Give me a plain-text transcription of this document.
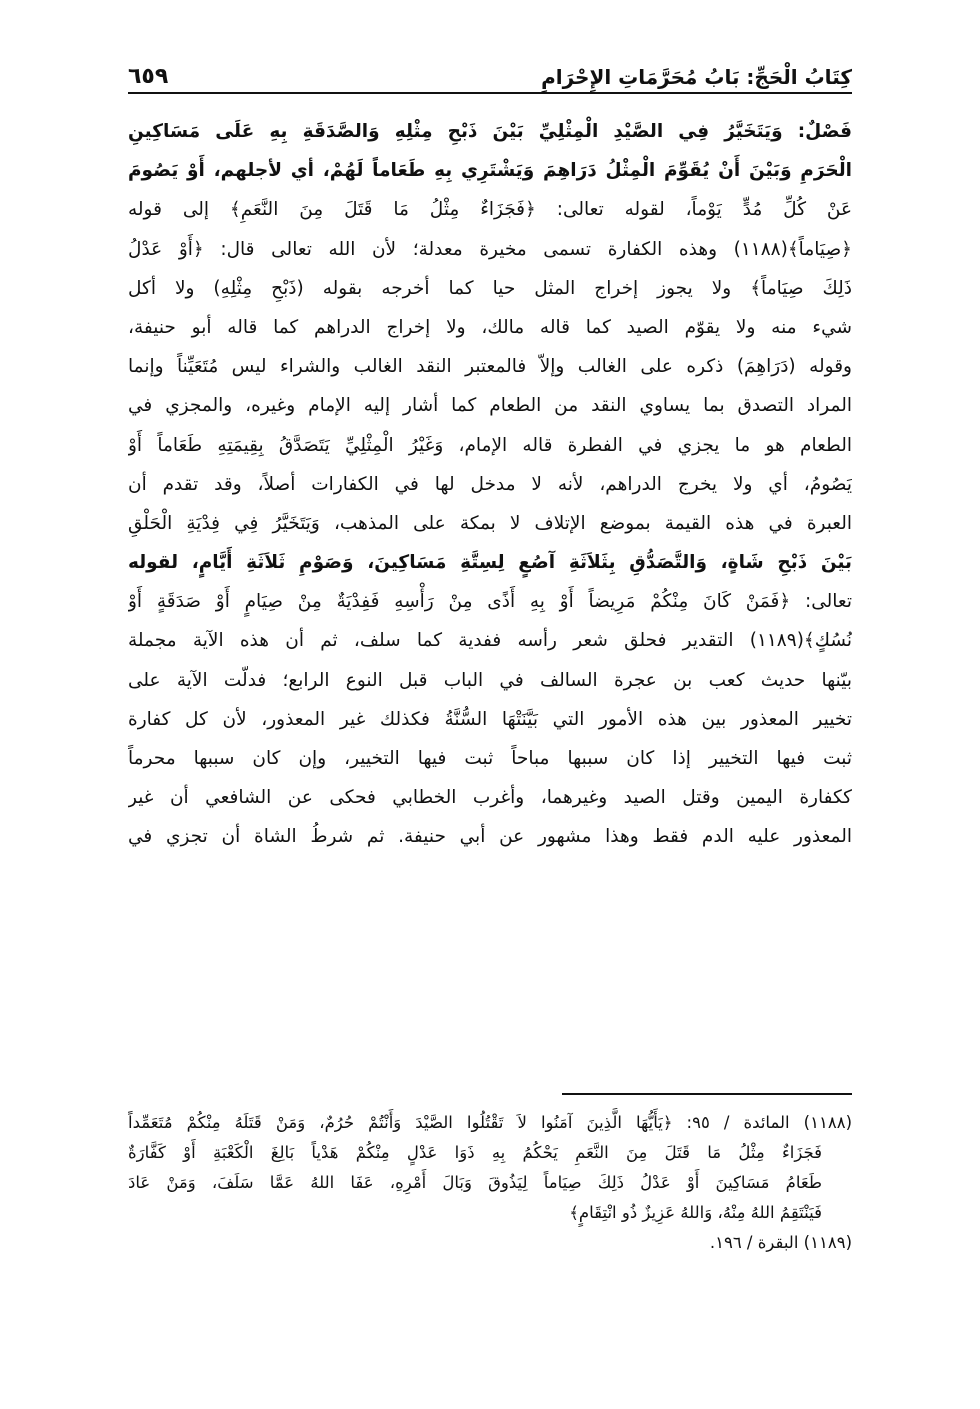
كِتَابُ الْحَجِّ: بَابُ مُحَرَّمَاتِ الإِحْرَامِ
٦٥٩
فَصْلٌ: وَيَتَخَيَّرُ فِي الصَّيْدِ الْمِثْلِيِّ بَيْنَ ذَبْحِ مِثْلِهِ وَالصَّدَقَةِ بِهِ عَلَى مَسَاكِينِ
الْحَرَمِ وَبَيْنَ أَنْ يُقَوِّمَ الْمِثْلُ دَرَاهِمَ وَيَشْتَرِي بِهِ طَعَاماً لَهُمْ، أي لأجلهم، أَوْ يَصُومَ
عَنْ كُلِّ مُدٍّ يَوْماً، لقوله تعالى: ﴿فَجَزَاءٌ مِثْلُ مَا قَتَلَ مِنَ النَّعَمِ﴾ إلى قوله
﴿صِيَاماً﴾(١١٨٨) وهذه الكفارة تسمى مخيرة معدلة؛ لأن الله تعالى قال: ﴿أَوْ عَدْلُ
ذَلِكَ صِيَاماً﴾ ولا يجوز إخراج المثل حيا كما أخرجه بقوله (ذَبْحِ مِثْلِهِ) ولا أكل
شيء منه ولا يقوّم الصيد كما قاله مالك، ولا إخراج الدراهم كما قاله أبو حنيفة،
وقوله (دَرَاهِمَ) ذكره على الغالب وإلاّ فالمعتبر النقد الغالب والشراء ليس مُتَعَيِّناً وإنما
المراد التصدق بما يساوي النقد من الطعام كما أشار إليه الإمام وغيره، والمجزي في
الطعام هو ما يجزي في الفطرة قاله الإمام، وَغَيْرُ الْمِثْلِيِّ يَتَصَدَّقُ بِقِيمَتِهِ طَعَاماً أَوْ
يَصُومُ، أي ولا يخرج الدراهم، لأنه لا مدخل لها في الكفارات أصلاً، وقد تقدم أن
العبرة في هذه القيمة بموضع الإتلاف لا بمكة على المذهب، وَيَتَخَيَّرُ فِي فِدْيَةِ الْحَلْقِ
بَيْنَ ذَبْحِ شَاةٍ، وَالتَّصَدُّقِ بِثَلاَثَةِ آصُعٍ لِسِتَّةِ مَسَاكِينَ، وَصَوْمِ ثَلاَثَةِ أَيَّامٍ، لقوله
تعالى: ﴿فَمَنْ كَانَ مِنْكُمْ مَرِيضاً أَوْ بِهِ أَذًى مِنْ رَأْسِهِ فَفِدْيَةٌ مِنْ صِيَامٍ أَوْ صَدَقَةٍ أَوْ
نُسُكٍ﴾(١١٨٩) التقدير فحلق شعر رأسه ففدية كما سلف، ثم أن هذه الآية مجملة
بيّنها حديث كعب بن عجرة السالف في الباب قبل النوع الرابع؛ فدلّت الآية على
تخيير المعذور بين هذه الأمور التي بَيَّنَتْهَا السُّنَّةُ فكذلك غير المعذور، لأن كل كفارة
ثبت فيها التخيير إذا كان سببها مباحاً ثبت فيها التخيير، وإن كان سببها محرماً
ككفارة اليمين وقتل الصيد وغيرهما، وأغرب الخطابي فحكى عن الشافعي أن غير
المعذور عليه الدم فقط وهذا مشهور عن أبي حنيفة. ثم شرطُ الشاة أن تجزي في
(١١٨٨) المائدة / ٩٥: ﴿يَأَيُّهَا الَّذِينَ آمَنُوا لاَ تَقْتُلُوا الصَّيْدَ وَأَنْتُمْ حُرُمٌ، وَمَنْ قَتَلَهُ مِنْكُمْ مُتَعَمِّداً
فَجَزَاءٌ مِثْلُ مَا قَتَلَ مِنَ النَّعَمِ يَحْكُمُ بِهِ ذَوَا عَدْلٍ مِنْكُمْ هَدْياً بَالِغَ الْكَعْبَةِ أَوْ كَفَّارَةٌ
طَعَامُ مَسَاكِينَ أَوْ عَدْلُ ذَلِكَ صِيَاماً لِيَذُوقَ وَبَالَ أَمْرِهِ، عَفَا اللهُ عَمَّا سَلَفَ، وَمَنْ عَادَ
فَيَنْتَقِمُ اللهُ مِنْهُ، وَاللهُ عَزِيزٌ ذُو انْتِقَامٍ﴾
(١١٨٩) البقرة / ١٩٦.
